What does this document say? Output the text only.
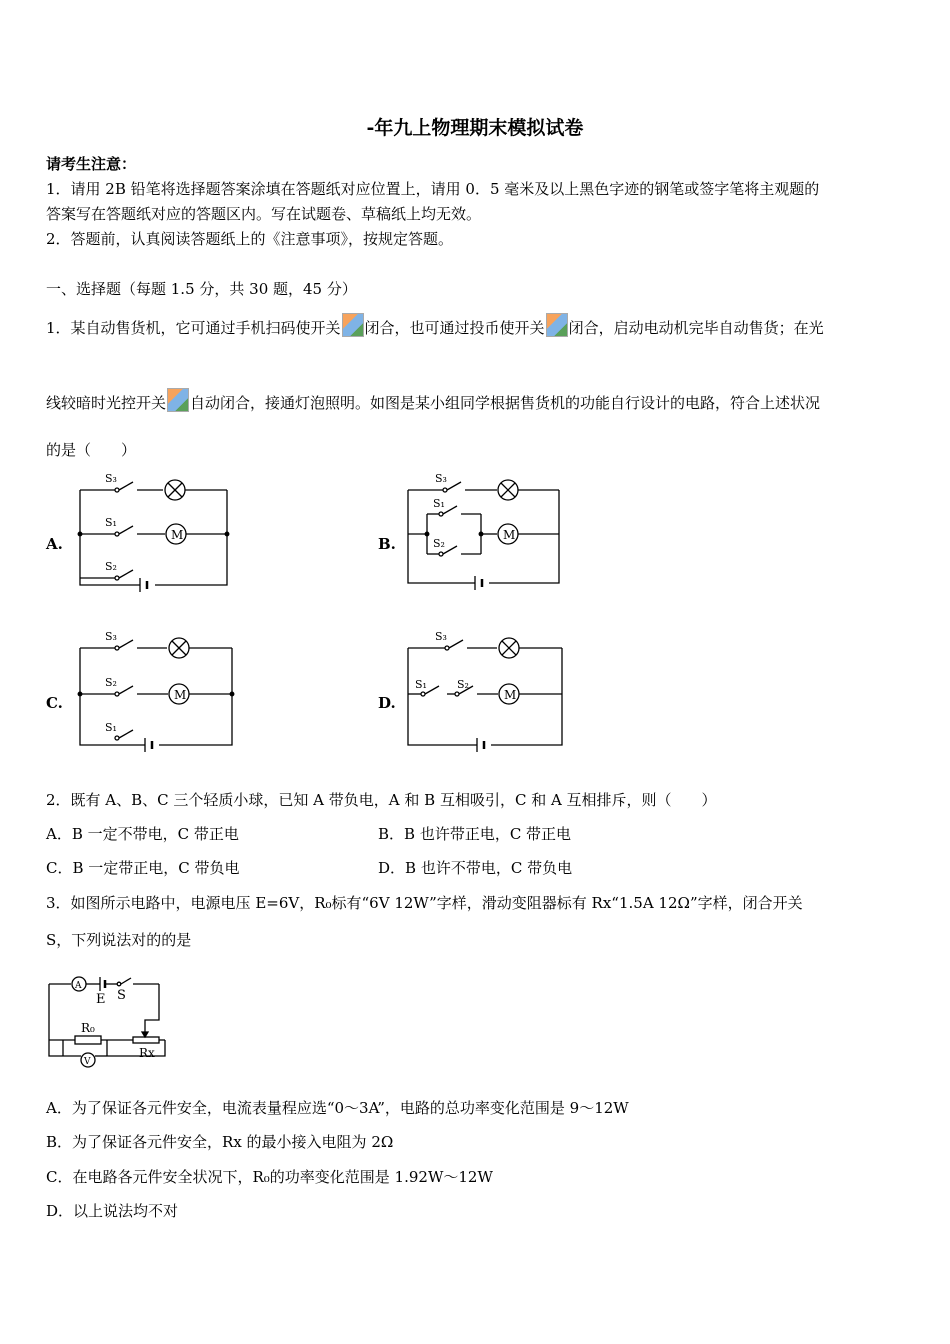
-年九上物理期末模拟试卷
请考生注意：
1．请用 2B 铅笔将选择题答案涂填在答题纸对应位置上，请用 0．5 毫米及以上黑色字迹的钢笔或签字笔将主观题的
答案写在答题纸对应的答题区内。写在试题卷、草稿纸上均无效。
2．答题前，认真阅读答题纸上的《注意事项》，按规定答题。
一、选择题（每题 1.5 分，共 30 题，45 分）
1．某自动售货机，它可通过手机扫码使开关 闭合，也可通过投币使开关 闭合，启动电动机完毕自动售货；在光
线较暗时光控开关 自动闭合，接通灯泡照明。如图是某小组同学根据售货机的功能自行设计的电路，符合上述状况
的是（　　）
A.
S₃
S₁
S₂
M	B.
S₃
S₁
S₂
M
C.
S₃
S₂
S₁
M	D.
S₃
S₁	S₂
M
2．既有 A、B、C 三个轻质小球，已知 A 带负电，A 和 B 互相吸引，C 和 A 互相排斥，则（　　）
A．B 一定不带电，C 带正电	B．B 也许带正电，C 带正电
C．B 一定带正电，C 带负电	D．B 也许不带电，C 带负电
3．如图所示电路中，电源电压 E=6V，R₀标有“6V 12W”字样，滑动变阻器标有 Rx“1.5A 12Ω”字样，闭合开关
S，下列说法对的的是
A
E S
R₀
Rx
V
A．为了保证各元件安全，电流表量程应选“0～3A”，电路的总功率变化范围是 9～12W
B．为了保证各元件安全，Rx 的最小接入电阻为 2Ω
C．在电路各元件安全状况下，R₀的功率变化范围是 1.92W～12W
D．以上说法均不对
